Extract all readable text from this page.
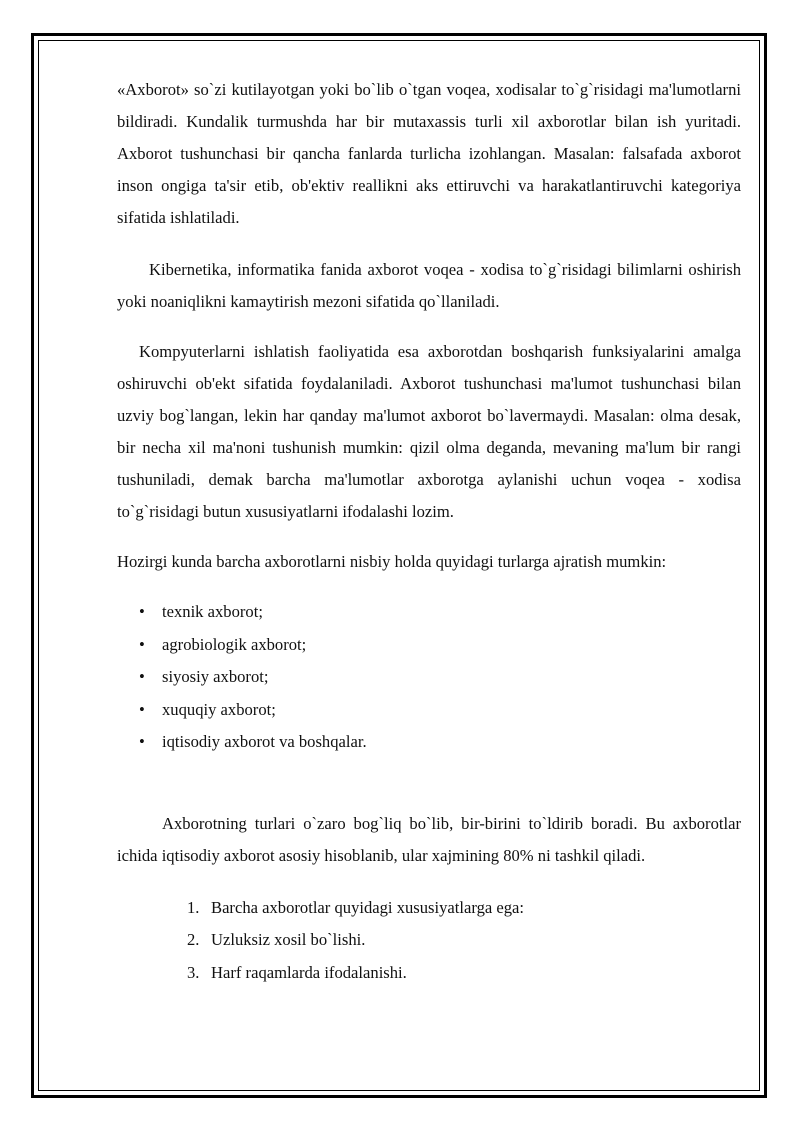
«Axborot» so`zi kutilayotgan yoki bo`lib o`tgan voqea, xodisalar to`g`risidagi ma'lumotlarni bildiradi. Kundalik turmushda har bir mutaxassis turli xil axborotlar bilan ish yuritadi. Axborot tushunchasi bir qancha fanlarda turlicha izohlangan. Masalan: falsafada axborot inson ongiga ta'sir etib, ob'ektiv reallikni aks ettiruvchi va harakatlantiruvchi kategoriya sifatida ishlatiladi.

Kibernetika, informatika fanida axborot voqea - xodisa to`g`risidagi bilimlarni oshirish yoki noaniqlikni kamaytirish mezoni sifatida qo`llaniladi.

Kompyuterlarni ishlatish faoliyatida esa axborotdan boshqarish funksiyalarini amalga oshiruvchi ob'ekt sifatida foydalaniladi. Axborot tushunchasi ma'lumot tushunchasi bilan uzviy bog`langan, lekin har qanday ma'lumot axborot bo`lavermaydi. Masalan: olma desak, bir necha xil ma'noni tushunish mumkin: qizil olma deganda, mevaning ma'lum bir rangi tushuniladi, demak barcha ma'lumotlar axborotga aylanishi uchun voqea - xodisa to`g`risidagi butun xususiyatlarni ifodalashi lozim.

Hozirgi kunda barcha axborotlarni nisbiy holda quyidagi turlarga ajratish mumkin:

• texnik axborot;
• agrobiologik axborot;
• siyosiy axborot;
• xuquqiy axborot;
• iqtisodiy axborot va boshqalar.

Axborotning turlari o`zaro bog`liq bo`lib, bir-birini to`ldirib boradi. Bu axborotlar ichida iqtisodiy axborot asosiy hisoblanib, ular xajmining 80% ni tashkil qiladi.

1. Barcha axborotlar quyidagi xususiyatlarga ega:
2. Uzluksiz xosil bo`lishi.
3. Harf raqamlarda ifodalanishi.
